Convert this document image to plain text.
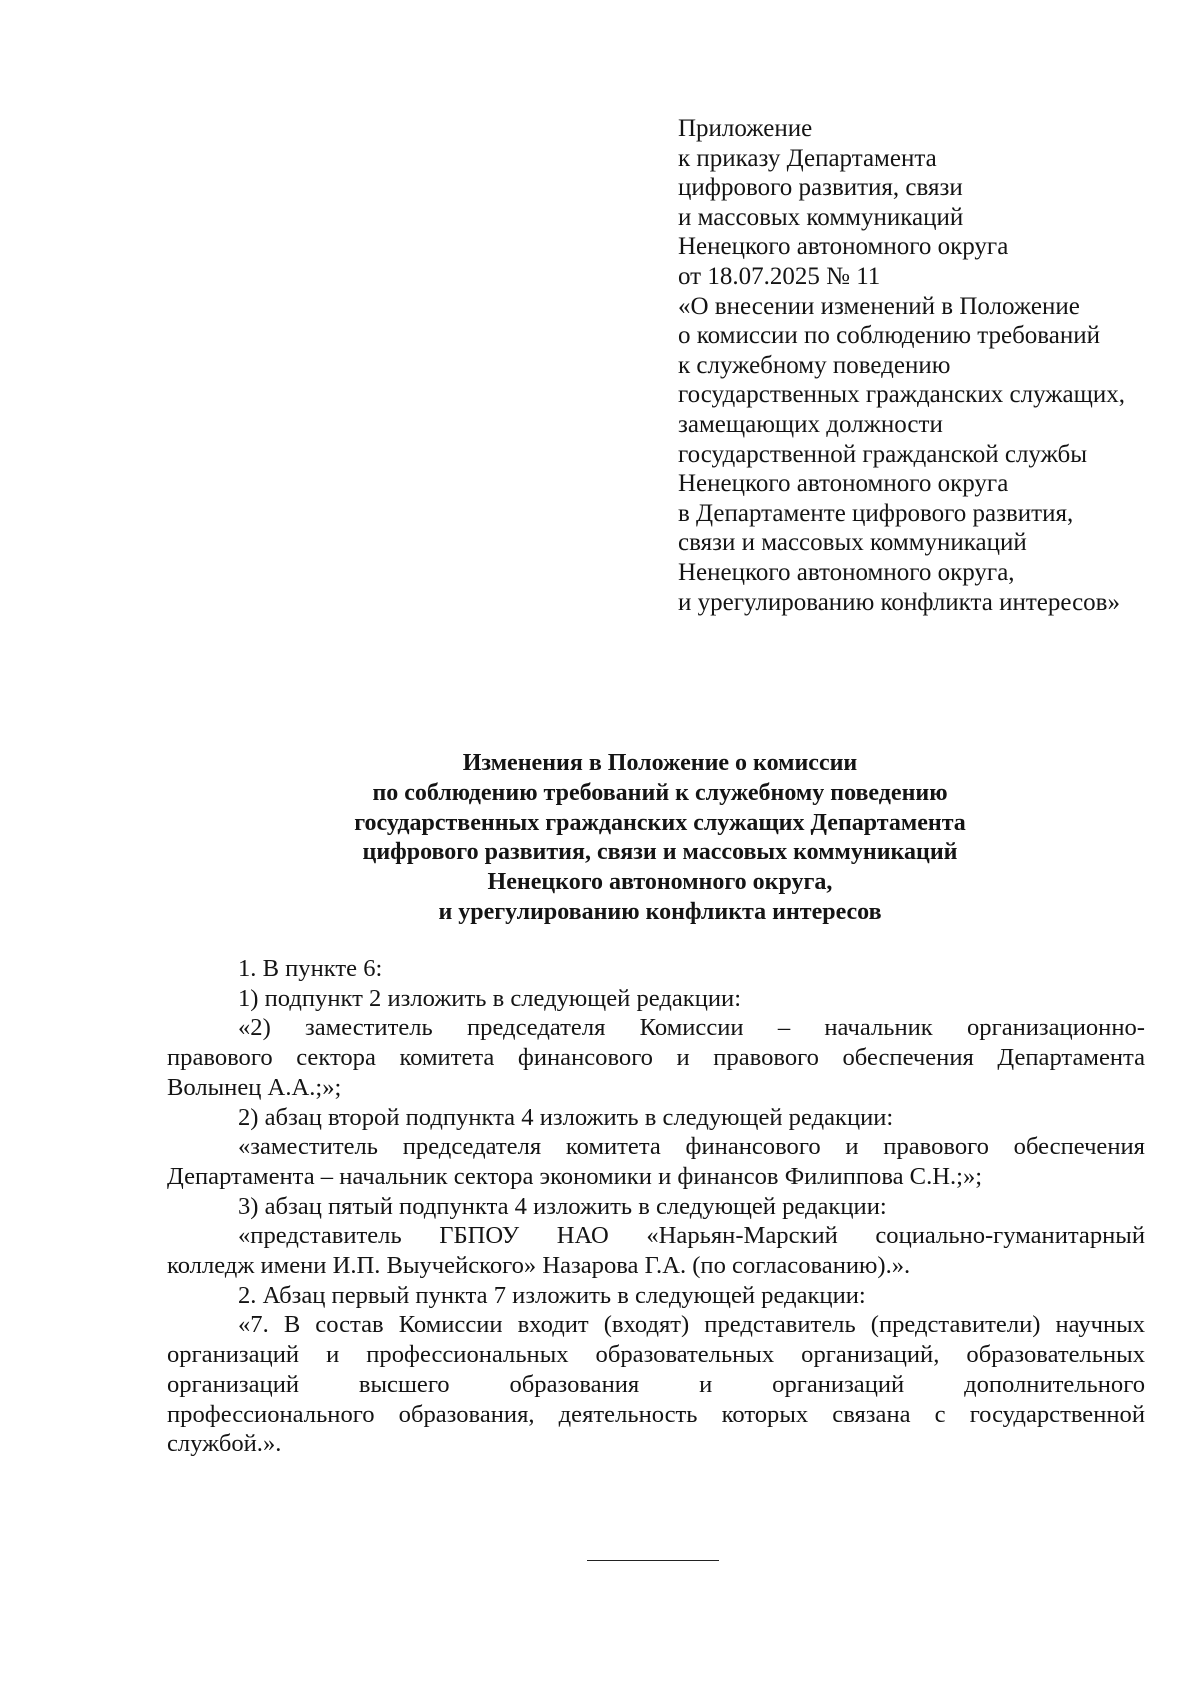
Приложение
к приказу Департамента
цифрового развития, связи
и массовых коммуникаций
Ненецкого автономного округа
от 18.07.2025 № 11
«О внесении изменений в Положение
о комиссии по соблюдению требований
к служебному поведению
государственных гражданских служащих,
замещающих должности
государственной гражданской службы
Ненецкого автономного округа
в Департаменте цифрового развития,
связи и массовых коммуникаций
Ненецкого автономного округа,
и урегулированию конфликта интересов»
Изменения в Положение о комиссии
по соблюдению требований к служебному поведению
государственных гражданских служащих Департамента
цифрового развития, связи и массовых коммуникаций
Ненецкого автономного округа,
и урегулированию конфликта интересов

1. В пункте 6:

1) подпункт 2 изложить в следующей редакции:

«2) заместитель председателя Комиссии – начальник организационно-
правового сектора комитета финансового и правового обеспечения Департамента
Волынец А.А.;»;

2) абзац второй подпункта 4 изложить в следующей редакции:

«заместитель председателя комитета финансового и правового обеспечения
Департамента – начальник сектора экономики и финансов Филиппова С.Н.;»;

3) абзац пятый подпункта 4 изложить в следующей редакции:

«представитель ГБПОУ НАО «Нарьян-Марский социально-гуманитарный
колледж имени И.П. Выучейского» Назарова Г.А. (по согласованию).».

2. Абзац первый пункта 7 изложить в следующей редакции:

«7. В состав Комиссии входит (входят) представитель (представители) научных
организаций и профессиональных образовательных организаций, образовательных
организаций высшего образования и организаций дополнительного
профессионального образования, деятельность которых связана с государственной
службой.».
